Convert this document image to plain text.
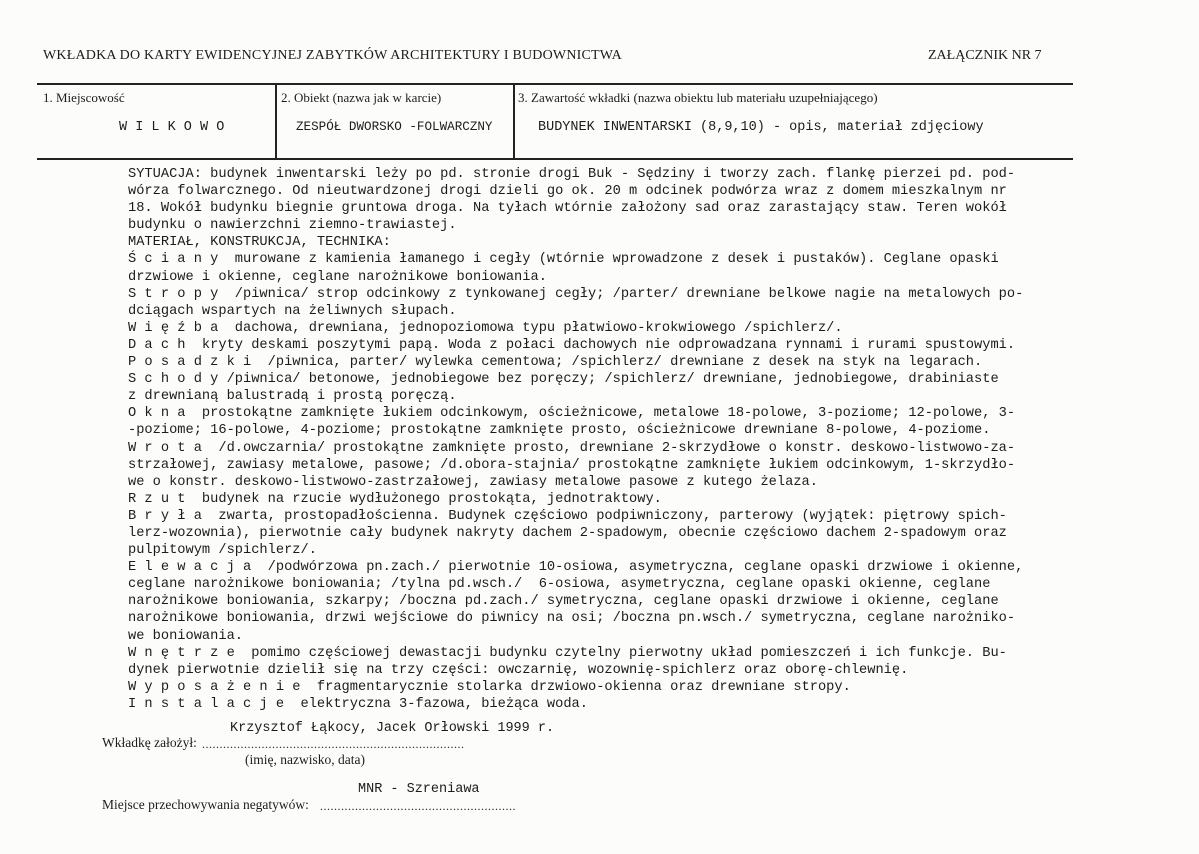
WKŁADKA DO KARTY EWIDENCYJNEJ ZABYTKÓW ARCHITEKTURY I BUDOWNICTWA	ZAŁĄCZNIK NR 7
1. Miejscowość
W I L K O W O
2. Obiekt (nazwa jak w karcie)
ZESPÓŁ DWORSKO -FOLWARCZNY
3. Zawartość wkładki (nazwa obiektu lub materiału uzupełniającego)
BUDYNEK INWENTARSKI (8,9,10) - opis, materiał zdjęciowy
SYTUACJA: budynek inwentarski leży po pd. stronie drogi Buk - Sędziny i tworzy zach. flankę pierzei pd. pod-
wórza folwarcznego. Od nieutwardzonej drogi dzieli go ok. 20 m odcinek podwórza wraz z domem mieszkalnym nr
18. Wokół budynku biegnie gruntowa droga. Na tyłach wtórnie założony sad oraz zarastający staw. Teren wokół
budynku o nawierzchni ziemno-trawiastej.
MATERIAŁ, KONSTRUKCJA, TECHNIKA:
Ś c i a n y  murowane z kamienia łamanego i cegły (wtórnie wprowadzone z desek i pustaków). Ceglane opaski
drzwiowe i okienne, ceglane narożnikowe boniowania.
S t r o p y  /piwnica/ strop odcinkowy z tynkowanej cegły; /parter/ drewniane belkowe nagie na metalowych po-
dciągach wspartych na żeliwnych słupach.
W i ę ź b a  dachowa, drewniana, jednopoziomowa typu płatwiowo-krokwiowego /spichlerz/.
D a c h  kryty deskami poszytymi papą. Woda z połaci dachowych nie odprowadzana rynnami i rurami spustowymi.
P o s a d z k i  /piwnica, parter/ wylewka cementowa; /spichlerz/ drewniane z desek na styk na legarach.
S c h o d y /piwnica/ betonowe, jednobiegowe bez poręczy; /spichlerz/ drewniane, jednobiegowe, drabiniaste
z drewnianą balustradą i prostą poręczą.
O k n a  prostokątne zamknięte łukiem odcinkowym, ościeżnicowe, metalowe 18-polowe, 3-poziome; 12-polowe, 3-
-poziome; 16-polowe, 4-poziome; prostokątne zamknięte prosto, ościeżnicowe drewniane 8-polowe, 4-poziome.
W r o t a  /d.owczarnia/ prostokątne zamknięte prosto, drewniane 2-skrzydłowe o konstr. deskowo-listwowo-za-
strzałowej, zawiasy metalowe, pasowe; /d.obora-stajnia/ prostokątne zamknięte łukiem odcinkowym, 1-skrzydło-
we o konstr. deskowo-listwowo-zastrzałowej, zawiasy metalowe pasowe z kutego żelaza.
R z u t  budynek na rzucie wydłużonego prostokąta, jednotraktowy.
B r y ł a  zwarta, prostopadłościenna. Budynek częściowo podpiwniczony, parterowy (wyjątek: piętrowy spich-
lerz-wozownia), pierwotnie cały budynek nakryty dachem 2-spadowym, obecnie częściowo dachem 2-spadowym oraz
pulpitowym /spichlerz/.
E l e w a c j a  /podwórzowa pn.zach./ pierwotnie 10-osiowa, asymetryczna, ceglane opaski drzwiowe i okienne,
ceglane narożnikowe boniowania; /tylna pd.wsch./  6-osiowa, asymetryczna, ceglane opaski okienne, ceglane
narożnikowe boniowania, szkarpy; /boczna pd.zach./ symetryczna, ceglane opaski drzwiowe i okienne, ceglane
narożnikowe boniowania, drzwi wejściowe do piwnicy na osi; /boczna pn.wsch./ symetryczna, ceglane narożniko-
we boniowania.
W n ę t r z e  pomimo częściowej dewastacji budynku czytelny pierwotny układ pomieszczeń i ich funkcje. Bu-
dynek pierwotnie dzielił się na trzy części: owczarnię, wozownię-spichlerz oraz oborę-chlewnię.
W y p o s a ż e n i e  fragmentarycznie stolarka drzwiowo-okienna oraz drewniane stropy.
I n s t a l a c j e  elektryczna 3-fazowa, bieżąca woda.
Krzysztof Łąkocy, Jacek Orłowski 1999 r.
Wkładkę założył: ...........................................................................
(imię, nazwisko, data)
MNR - Szreniawa
Miejsce przechowywania negatywów: ........................................................
